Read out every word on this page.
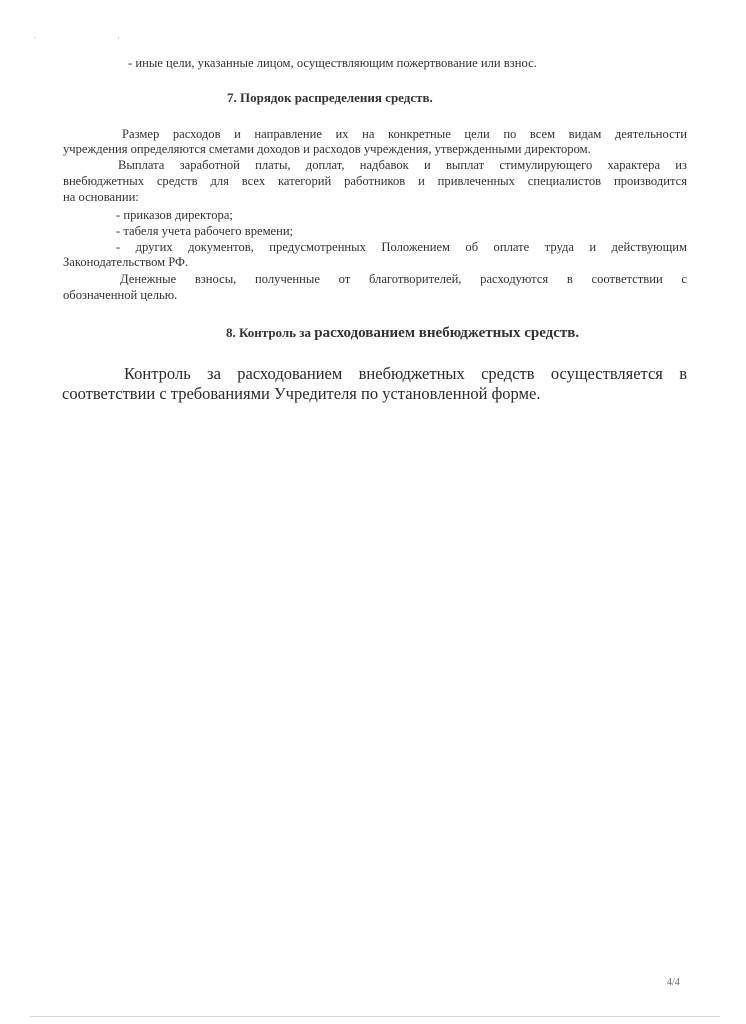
. ,
- иные цели, указанные лицом, осуществляющим пожертвование или взнос.
7. Порядок распределения средств.
Размер расходов и направление их на конкретные цели по всем видам деятельности
учреждения определяются сметами доходов и расходов учреждения, утвержденными директором.
Выплата заработной платы, доплат, надбавок и выплат стимулирующего характера из
внебюджетных средств для всех категорий работников и привлеченных специалистов производится
на основании:
- приказов директора;
- табеля учета рабочего времени;
- других документов, предусмотренных Положением об оплате труда и действующим
Законодательством РФ.
Денежные взносы, полученные от благотворителей, расходуются в соответствии с
обозначенной целью.
8. Контроль за расходованием внебюджетных средств.
Контроль за расходованием внебюджетных средств осуществляется в
соответствии с требованиями Учредителя по установленной форме.
4/4
